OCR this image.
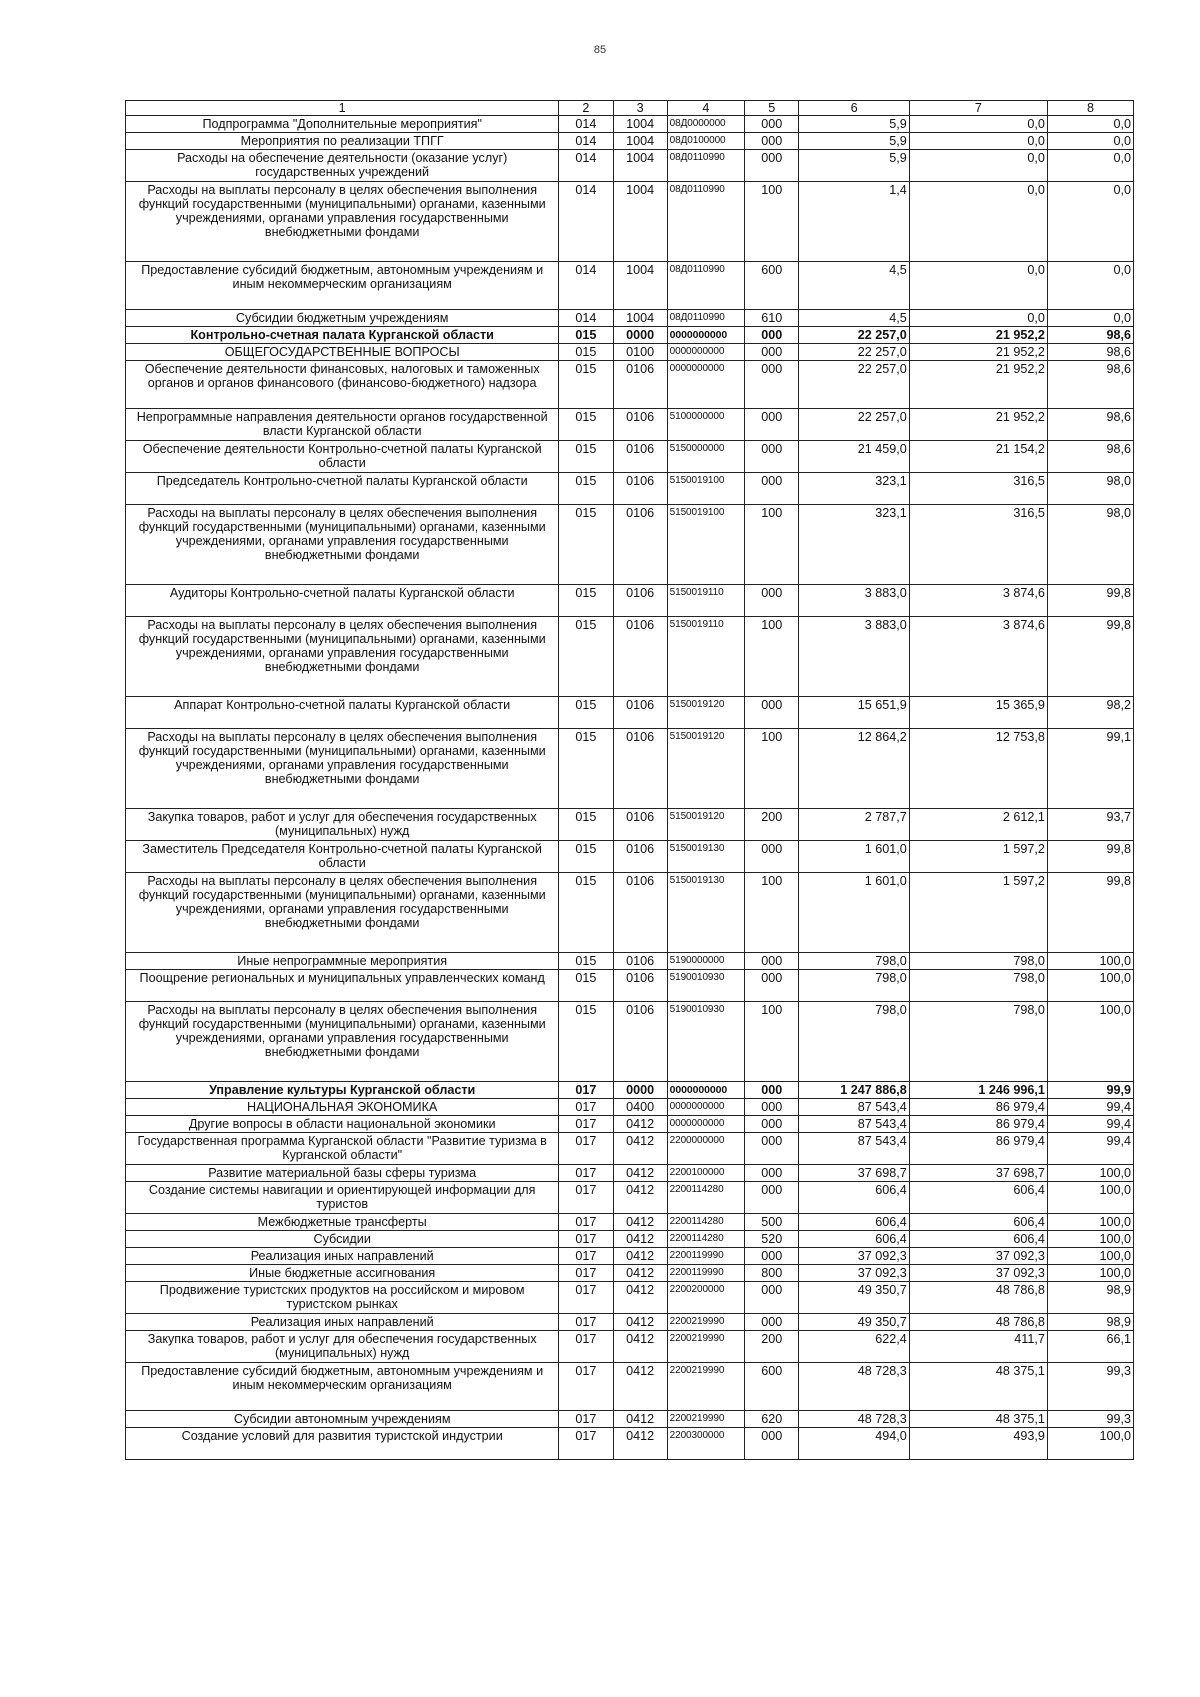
85
1	2	3	4	5	6	7	8
Подпрограмма "Дополнительные мероприятия"	014	1004	08Д0000000	000	5,9	0,0	0,0
Мероприятия по реализации ТПГГ	014	1004	08Д0100000	000	5,9	0,0	0,0
Расходы на обеспечение деятельности (оказание услуг) государственных учреждений	014	1004	08Д0110990	000	5,9	0,0	0,0
Расходы на выплаты персоналу в целях обеспечения выполнения функций государственными (муниципальными) органами, казенными учреждениями, органами управления государственными внебюджетными фондами	014	1004	08Д0110990	100	1,4	0,0	0,0
Предоставление субсидий бюджетным, автономным учреждениям и иным некоммерческим организациям	014	1004	08Д0110990	600	4,5	0,0	0,0
Субсидии бюджетным учреждениям	014	1004	08Д0110990	610	4,5	0,0	0,0
Контрольно-счетная палата Курганской области	015	0000	0000000000	000	22 257,0	21 952,2	98,6
ОБЩЕГОСУДАРСТВЕННЫЕ ВОПРОСЫ	015	0100	0000000000	000	22 257,0	21 952,2	98,6
Обеспечение деятельности финансовых, налоговых и таможенных органов и органов финансового (финансово-бюджетного) надзора	015	0106	0000000000	000	22 257,0	21 952,2	98,6
Непрограммные направления деятельности органов государственной власти Курганской области	015	0106	5100000000	000	22 257,0	21 952,2	98,6
Обеспечение деятельности Контрольно-счетной палаты Курганской области	015	0106	5150000000	000	21 459,0	21 154,2	98,6
Председатель Контрольно-счетной палаты Курганской области	015	0106	5150019100	000	323,1	316,5	98,0
Расходы на выплаты персоналу в целях обеспечения выполнения функций государственными (муниципальными) органами, казенными учреждениями, органами управления государственными внебюджетными фондами	015	0106	5150019100	100	323,1	316,5	98,0
Аудиторы Контрольно-счетной палаты Курганской области	015	0106	5150019110	000	3 883,0	3 874,6	99,8
Расходы на выплаты персоналу в целях обеспечения выполнения функций государственными (муниципальными) органами, казенными учреждениями, органами управления государственными внебюджетными фондами	015	0106	5150019110	100	3 883,0	3 874,6	99,8
Аппарат Контрольно-счетной палаты Курганской области	015	0106	5150019120	000	15 651,9	15 365,9	98,2
Расходы на выплаты персоналу в целях обеспечения выполнения функций государственными (муниципальными) органами, казенными учреждениями, органами управления государственными внебюджетными фондами	015	0106	5150019120	100	12 864,2	12 753,8	99,1
Закупка товаров, работ и услуг для обеспечения государственных (муниципальных) нужд	015	0106	5150019120	200	2 787,7	2 612,1	93,7
Заместитель Председателя Контрольно-счетной палаты Курганской области	015	0106	5150019130	000	1 601,0	1 597,2	99,8
Расходы на выплаты персоналу в целях обеспечения выполнения функций государственными (муниципальными) органами, казенными учреждениями, органами управления государственными внебюджетными фондами	015	0106	5150019130	100	1 601,0	1 597,2	99,8
Иные непрограммные мероприятия	015	0106	5190000000	000	798,0	798,0	100,0
Поощрение региональных и муниципальных управленческих команд	015	0106	5190010930	000	798,0	798,0	100,0
Расходы на выплаты персоналу в целях обеспечения выполнения функций государственными (муниципальными) органами, казенными учреждениями, органами управления государственными внебюджетными фондами	015	0106	5190010930	100	798,0	798,0	100,0
Управление культуры Курганской области	017	0000	0000000000	000	1 247 886,8	1 246 996,1	99,9
НАЦИОНАЛЬНАЯ ЭКОНОМИКА	017	0400	0000000000	000	87 543,4	86 979,4	99,4
Другие вопросы в области национальной экономики	017	0412	0000000000	000	87 543,4	86 979,4	99,4
Государственная программа Курганской области "Развитие туризма в Курганской области"	017	0412	2200000000	000	87 543,4	86 979,4	99,4
Развитие материальной базы сферы туризма	017	0412	2200100000	000	37 698,7	37 698,7	100,0
Создание системы навигации и ориентирующей информации для туристов	017	0412	2200114280	000	606,4	606,4	100,0
Межбюджетные трансферты	017	0412	2200114280	500	606,4	606,4	100,0
Субсидии	017	0412	2200114280	520	606,4	606,4	100,0
Реализация иных направлений	017	0412	2200119990	000	37 092,3	37 092,3	100,0
Иные бюджетные ассигнования	017	0412	2200119990	800	37 092,3	37 092,3	100,0
Продвижение туристских продуктов на российском и мировом туристском рынках	017	0412	2200200000	000	49 350,7	48 786,8	98,9
Реализация иных направлений	017	0412	2200219990	000	49 350,7	48 786,8	98,9
Закупка товаров, работ и услуг для обеспечения государственных (муниципальных) нужд	017	0412	2200219990	200	622,4	411,7	66,1
Предоставление субсидий бюджетным, автономным учреждениям и иным некоммерческим организациям	017	0412	2200219990	600	48 728,3	48 375,1	99,3
Субсидии автономным учреждениям	017	0412	2200219990	620	48 728,3	48 375,1	99,3
Создание условий для развития туристской индустрии	017	0412	2200300000	000	494,0	493,9	100,0
